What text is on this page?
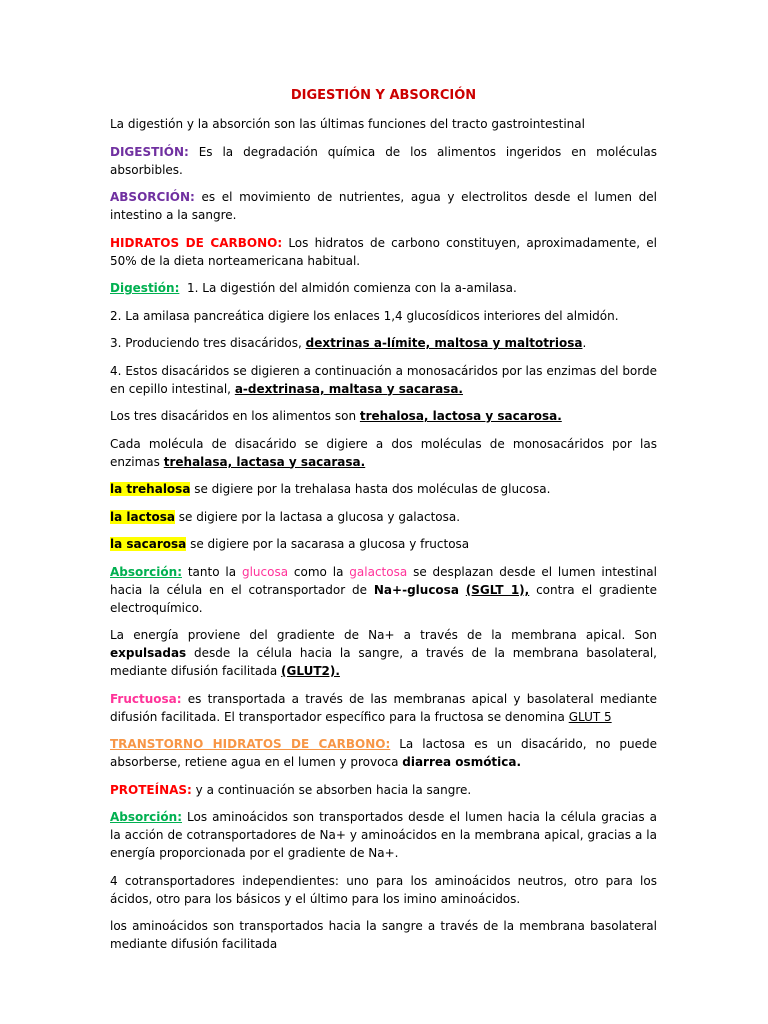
DIGESTIÓN Y ABSORCIÓN

La digestión y la absorción son las últimas funciones del tracto gastrointestinal

DIGESTIÓN: Es la degradación química de los alimentos ingeridos en moléculas absorbibles.

ABSORCIÓN: es el movimiento de nutrientes, agua y electrolitos desde el lumen del intestino a la sangre.

HIDRATOS DE CARBONO: Los hidratos de carbono constituyen, aproximadamente, el 50% de la dieta norteamericana habitual.

Digestión:  1. La digestión del almidón comienza con la a-amilasa.

2. La amilasa pancreática digiere los enlaces 1,4 glucosídicos interiores del almidón.

3. Produciendo tres disacáridos, dextrinas a-límite, maltosa y maltotriosa.

4. Estos disacáridos se digieren a continuación a monosacáridos por las enzimas del borde en cepillo intestinal, a-dextrinasa, maltasa y sacarasa.

Los tres disacáridos en los alimentos son trehalosa, lactosa y sacarosa.

Cada molécula de disacárido se digiere a dos moléculas de monosacáridos por las enzimas trehalasa, lactasa y sacarasa.

la trehalosa se digiere por la trehalasa hasta dos moléculas de glucosa.

la lactosa se digiere por la lactasa a glucosa y galactosa.

la sacarosa se digiere por la sacarasa a glucosa y fructosa

Absorción: tanto la glucosa como la galactosa se desplazan desde el lumen intestinal hacia la célula en el cotransportador de Na+-glucosa (SGLT 1), contra el gradiente electroquímico.

La energía proviene del gradiente de Na+ a través de la membrana apical. Son expulsadas desde la célula hacia la sangre, a través de la membrana basolateral, mediante difusión facilitada (GLUT2).

Fructuosa: es transportada a través de las membranas apical y basolateral mediante difusión facilitada. El transportador específico para la fructosa se denomina GLUT 5

TRANSTORNO HIDRATOS DE CARBONO: La lactosa es un disacárido, no puede absorberse, retiene agua en el lumen y provoca diarrea osmótica.

PROTEÍNAS: y a continuación se absorben hacia la sangre.

Absorción: Los aminoácidos son transportados desde el lumen hacia la célula gracias a la acción de cotransportadores de Na+ y aminoácidos en la membrana apical, gracias a la energía proporcionada por el gradiente de Na+.

4 cotransportadores independientes: uno para los aminoácidos neutros, otro para los ácidos, otro para los básicos y el último para los imino aminoácidos.

los aminoácidos son transportados hacia la sangre a través de la membrana basolateral mediante difusión facilitada
